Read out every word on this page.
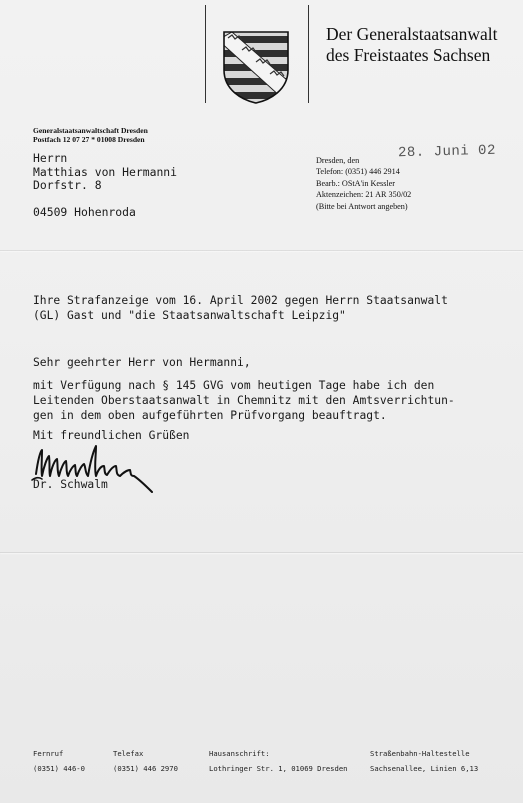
Der Generalstaatsanwalt
des Freistaates Sachsen
Generalstaatsanwaltschaft Dresden
Postfach 12 07 27 * 01008 Dresden
Herrn
Matthias von Hermanni
Dorfstr. 8
04509 Hohenroda
Dresden, den
Telefon: (0351) 446 2914
Bearb.: OStA'in Kessler
Aktenzeichen: 21 AR 350/02
(Bitte bei Antwort angeben)
28. Juni 02
Ihre Strafanzeige vom 16. April 2002 gegen Herrn Staatsanwalt
(GL) Gast und "die Staatsanwaltschaft Leipzig"
Sehr geehrter Herr von Hermanni,
mit Verfügung nach § 145 GVG vom heutigen Tage habe ich den
Leitenden Oberstaatsanwalt in Chemnitz mit den Amtsverrichtun-
gen in dem oben aufgeführten Prüfvorgang beauftragt.
Mit freundlichen Grüßen
Dr. Schwalm
Fernruf
(0351) 446-0
Telefax
(0351) 446 2970
Hausanschrift:
Lothringer Str. 1, 01069 Dresden
Straßenbahn-Haltestelle
Sachsenallee, Linien 6,13
